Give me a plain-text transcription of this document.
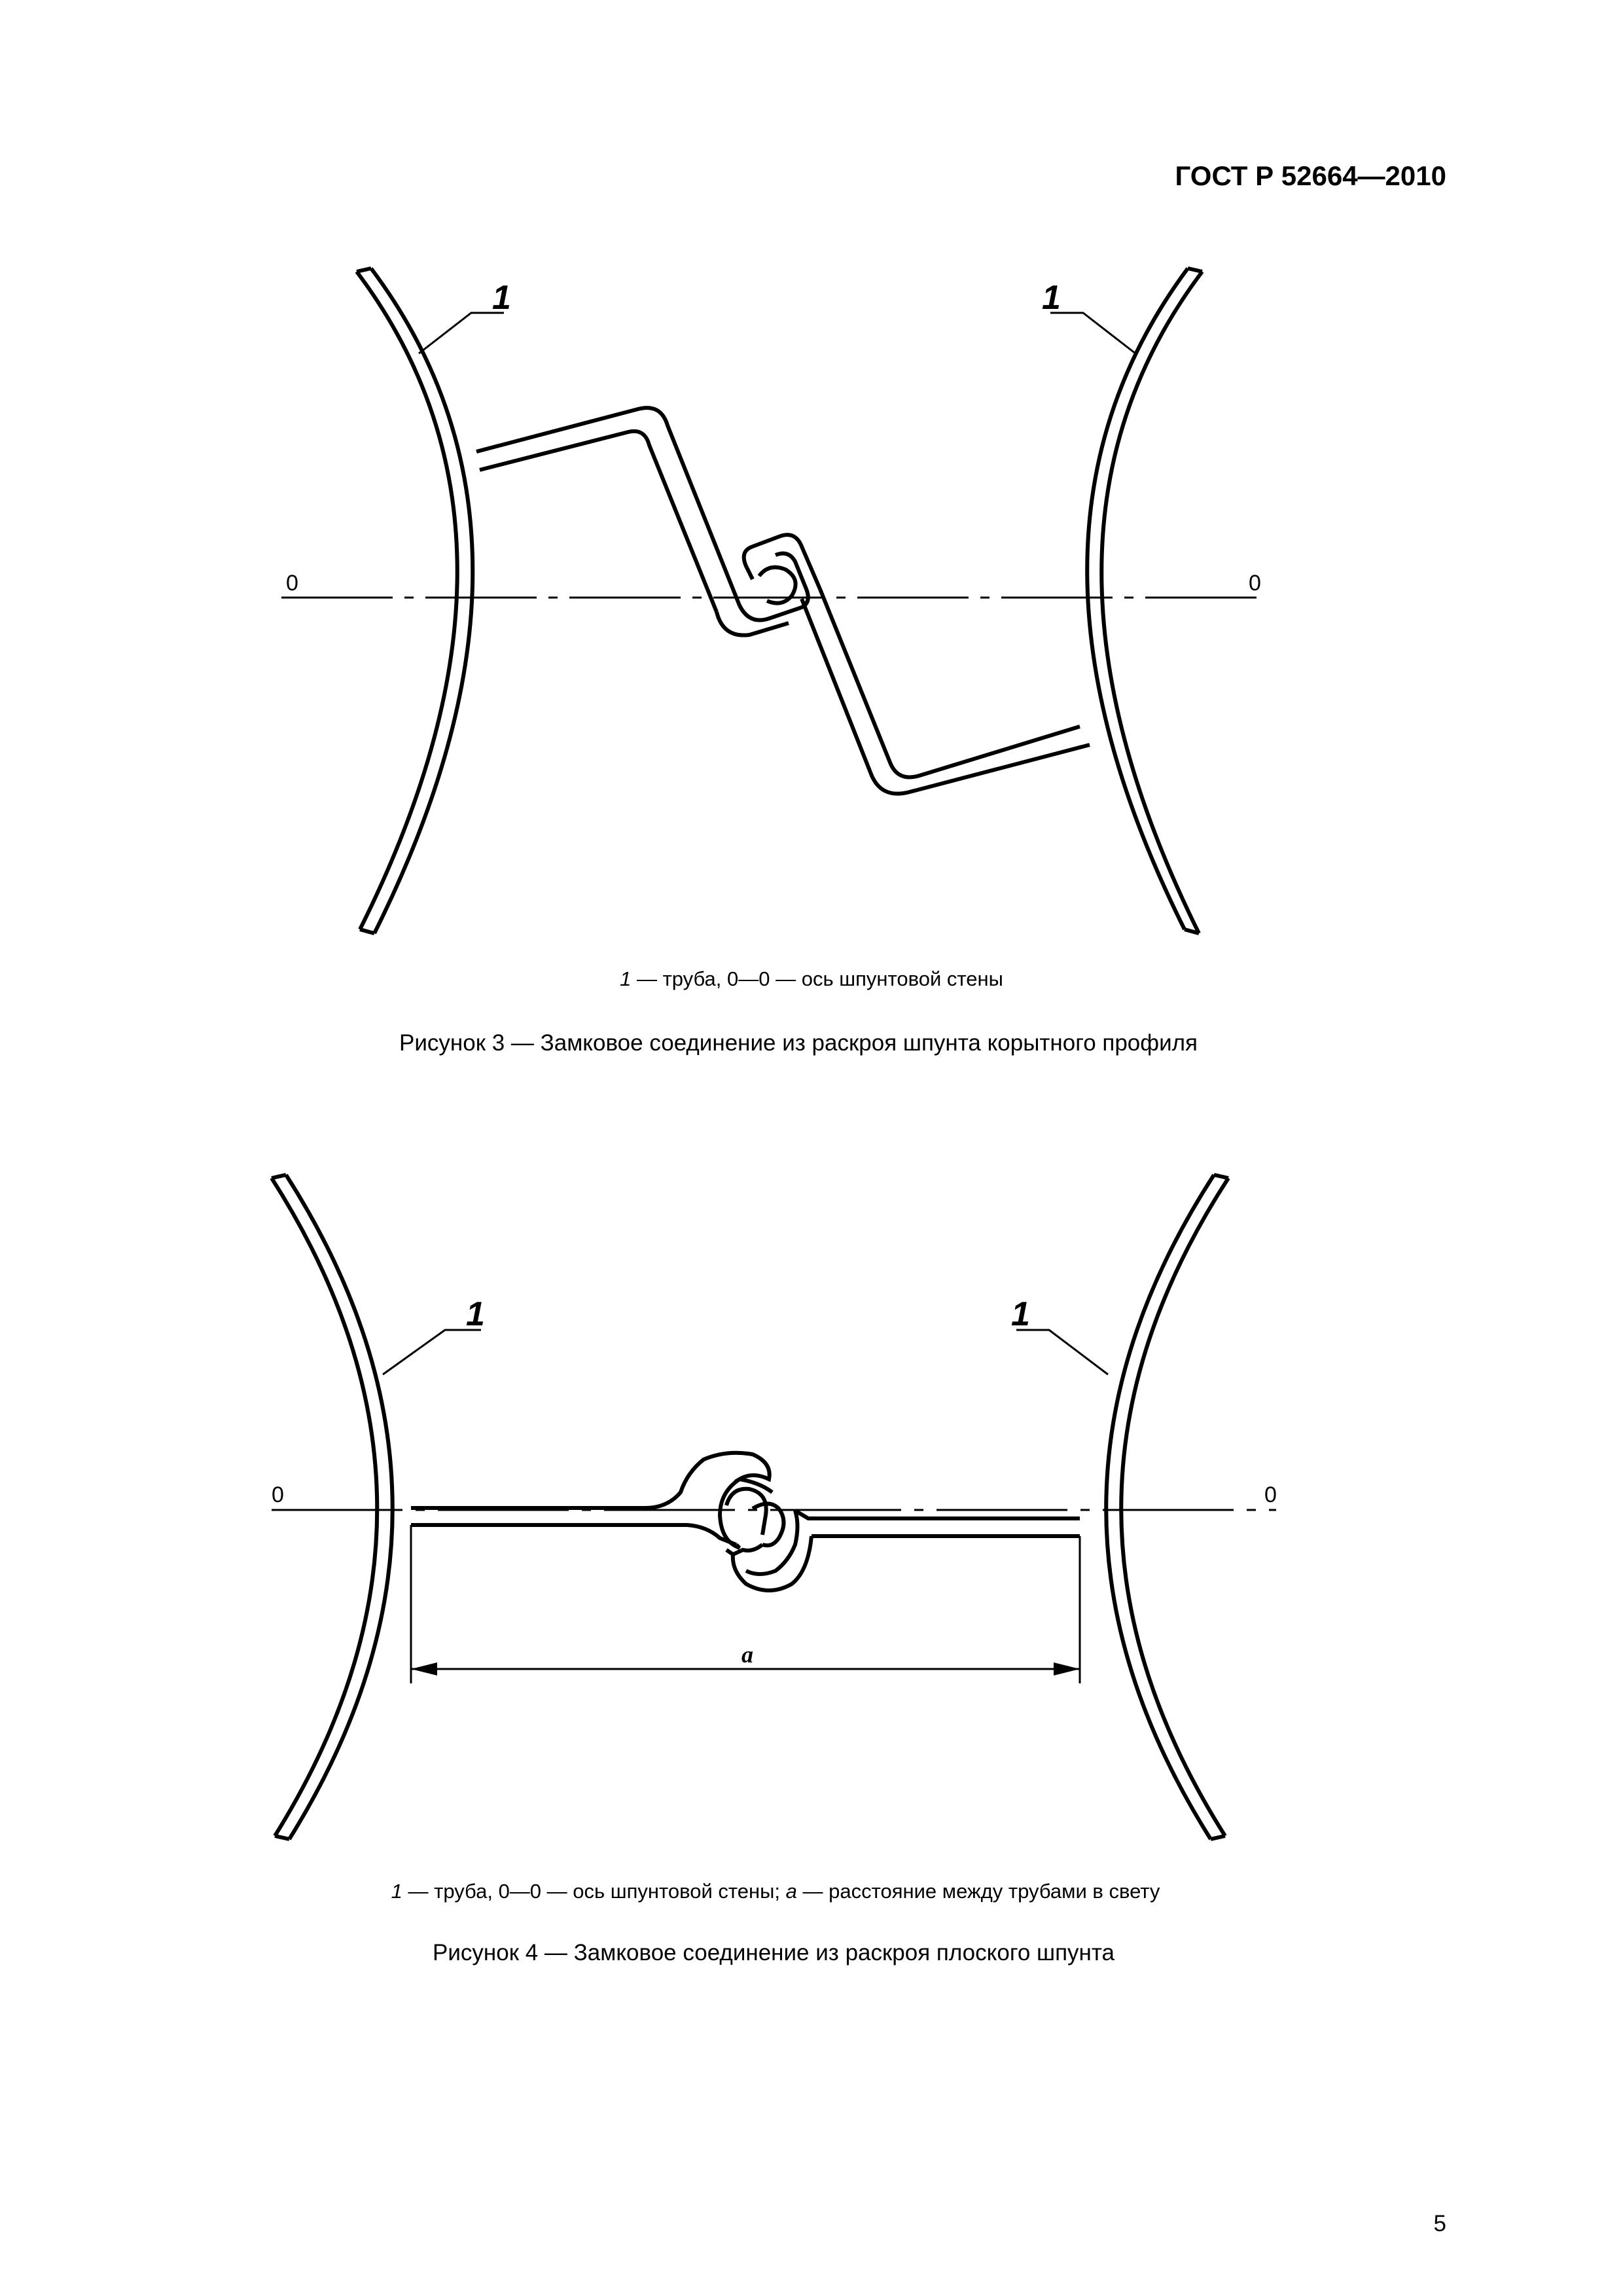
ГОСТ Р 52664—2010
1	1
0	0
1 — труба, 0—0 — ось шпунтовой стены
Рисунок 3 — Замковое соединение из раскроя шпунта корытного профиля
1	1
0	0
a
1 — труба, 0—0 — ось шпунтовой стены; a — расстояние между трубами в свету
Рисунок 4 — Замковое соединение из раскроя плоского шпунта
5
